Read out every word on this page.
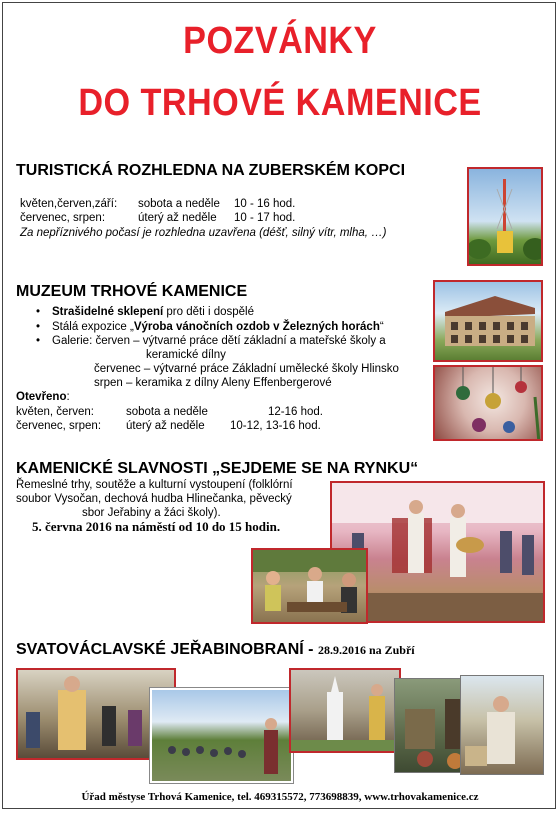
POZVÁNKY
DO TRHOVÉ KAMENICE
TURISTICKÁ ROZHLEDNA NA ZUBERSKÉM KOPCI
květen,červen,září: sobota a neděle 10 - 16 hod.
červenec, srpen:	úterý až neděle 10 - 17 hod.
Za nepříznivého počasí je rozhledna uzavřena (déšť, silný vítr, mlha, …)
MUZEUM TRHOVÉ KAMENICE
• Strašidelné sklepení pro děti i dospělé
• Stálá expozice „Výroba vánočních ozdob v Železných horách“
• Galerie: červen – výtvarné práce dětí základní a mateřské školy a
keramické dílny
červenec – výtvarné práce Základní umělecké školy Hlinsko
srpen – keramika z dílny Aleny Effenbergerové
Otevřeno:
květen, červen:	sobota a neděle	12-16 hod.
červenec, srpen: úterý až neděle 10-12, 13-16 hod.
KAMENICKÉ SLAVNOSTI „SEJDEME SE NA RYNKU“
Řemeslné trhy, soutěže a kulturní vystoupení (folklórní
soubor Vysočan, dechová hudba Hlinečanka, pěvecký
sbor Jeřabiny a žáci školy).
5. června 2016 na náměstí od 10 do 15 hodin.
SVATOVÁCLAVSKÉ JEŘABINOBRANÍ - 28.9.2016 na Zubří
Úřad městyse Trhová Kamenice, tel. 469315572, 773698839, www.trhovakamenice.cz
